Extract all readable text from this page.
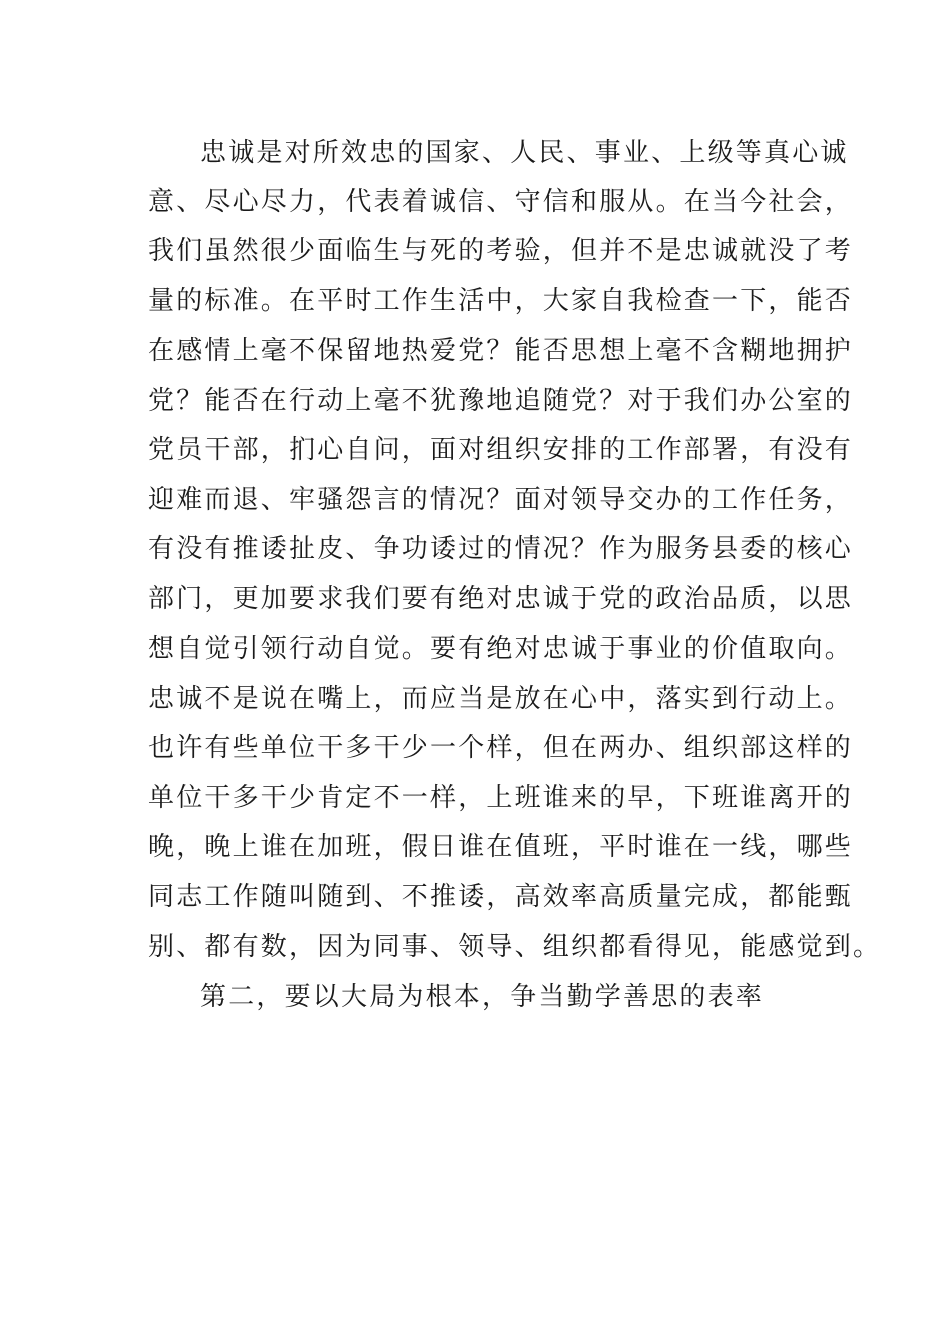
忠诚是对所效忠的国家、人民、事业、上级等真心诚
意、尽心尽力，代表着诚信、守信和服从。在当今社会，
我们虽然很少面临生与死的考验，但并不是忠诚就没了考
量的标准。在平时工作生活中，大家自我检查一下，能否
在感情上毫不保留地热爱党？能否思想上毫不含糊地拥护
党？能否在行动上毫不犹豫地追随党？对于我们办公室的
党员干部，扪心自问，面对组织安排的工作部署，有没有
迎难而退、牢骚怨言的情况？面对领导交办的工作任务，
有没有推诿扯皮、争功诿过的情况？作为服务县委的核心
部门，更加要求我们要有绝对忠诚于党的政治品质，以思
想自觉引领行动自觉。要有绝对忠诚于事业的价值取向。
忠诚不是说在嘴上，而应当是放在心中，落实到行动上。
也许有些单位干多干少一个样，但在两办、组织部这样的
单位干多干少肯定不一样，上班谁来的早，下班谁离开的
晚，晚上谁在加班，假日谁在值班，平时谁在一线，哪些
同志工作随叫随到、不推诿，高效率高质量完成，都能甄
别、都有数，因为同事、领导、组织都看得见，能感觉到。
第二，要以大局为根本，争当勤学善思的表率
